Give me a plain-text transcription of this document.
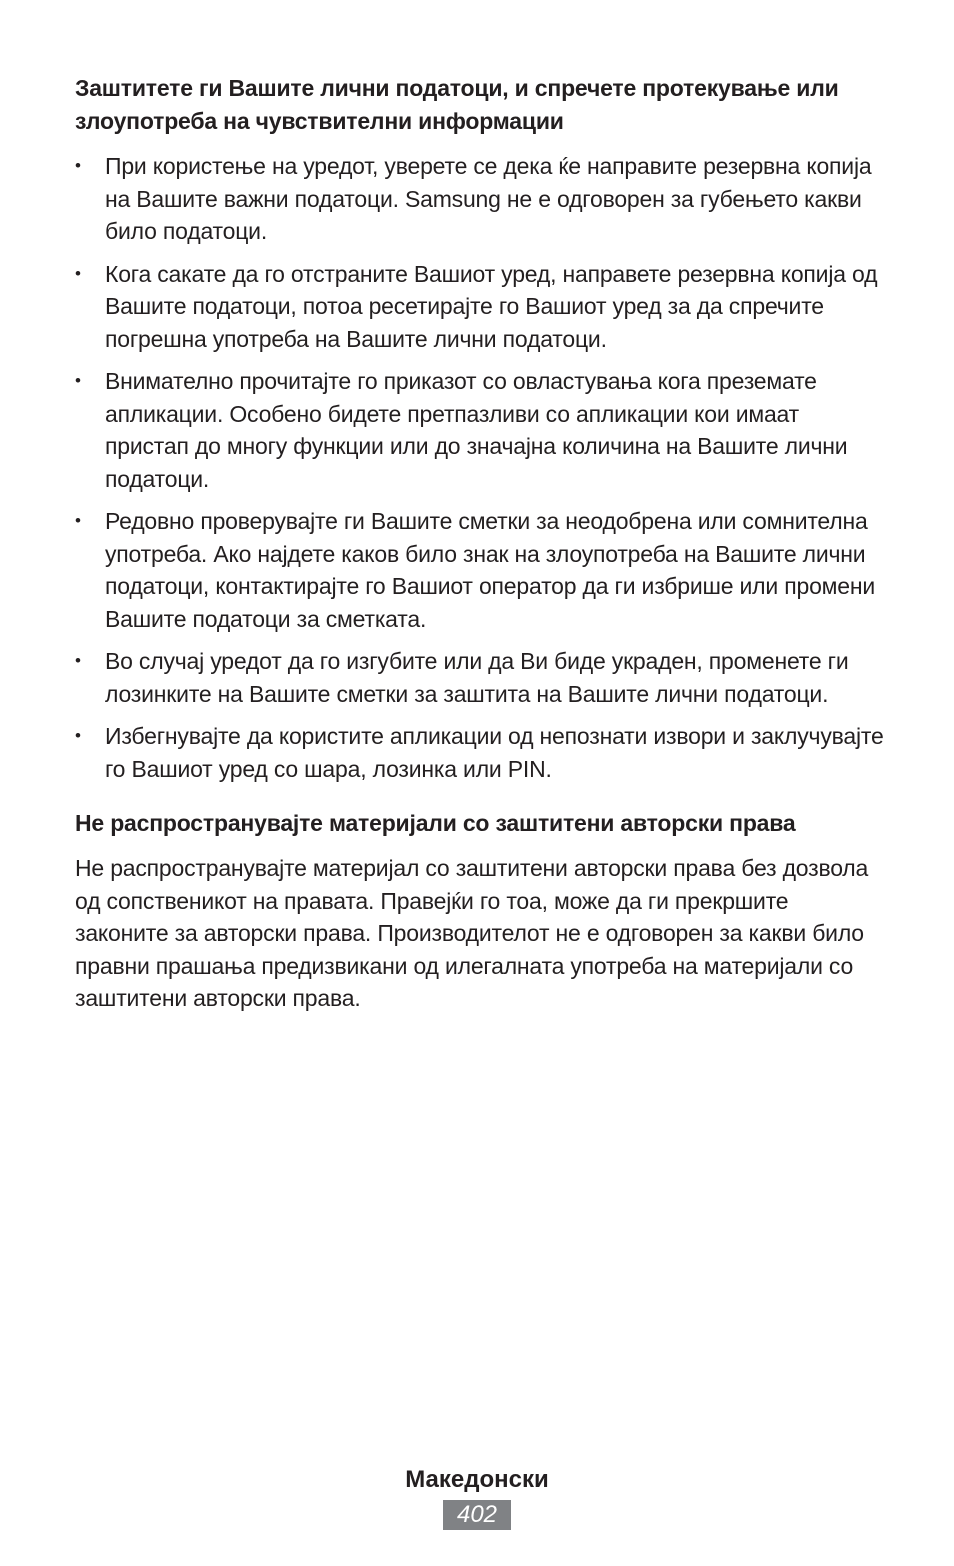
Заштитете ги Вашите лични податоци, и спречете протекување или злоупотреба на чувствителни информации
•	При користење на уредот, уверете се дека ќе направите резервна копија на Вашите важни податоци. Samsung не е одговорен за губењето какви било податоци.
•	Кога сакате да го отстраните Вашиот уред, направете резервна копија од Вашите податоци, потоа ресетирајте го Вашиот уред за да спречите погрешна употреба на Вашите лични податоци.
•	Внимателно прочитајте го приказот со овластувања кога преземате апликации. Особено бидете претпазливи со апликации кои имаат пристап до многу функции или до значајна количина на Вашите лични податоци.
•	Редовно проверувајте ги Вашите сметки за неодобрена или сомнителна употреба. Ако најдете каков било знак на злоупотреба на Вашите лични податоци, контактирајте го Вашиот оператор да ги избрише или промени Вашите податоци за сметката.
•	Во случај уредот да го изгубите или да Ви биде украден, променете ги лозинките на Вашите сметки за заштита на Вашите лични податоци.
•	Избегнувајте да користите апликации од непознати извори и заклучувајте го Вашиот уред со шара, лозинка или PIN.
Не распространувајте материјали со заштитени авторски права

Не распространувајте материјал со заштитени авторски права без дозвола од сопственикот на правата. Правејќи го тоа, може да ги прекршите законите за авторски права. Производителот не е одговорен за какви било правни прашања предизвикани од илегалната употреба на материјали со заштитени авторски права.

Македонски
402
